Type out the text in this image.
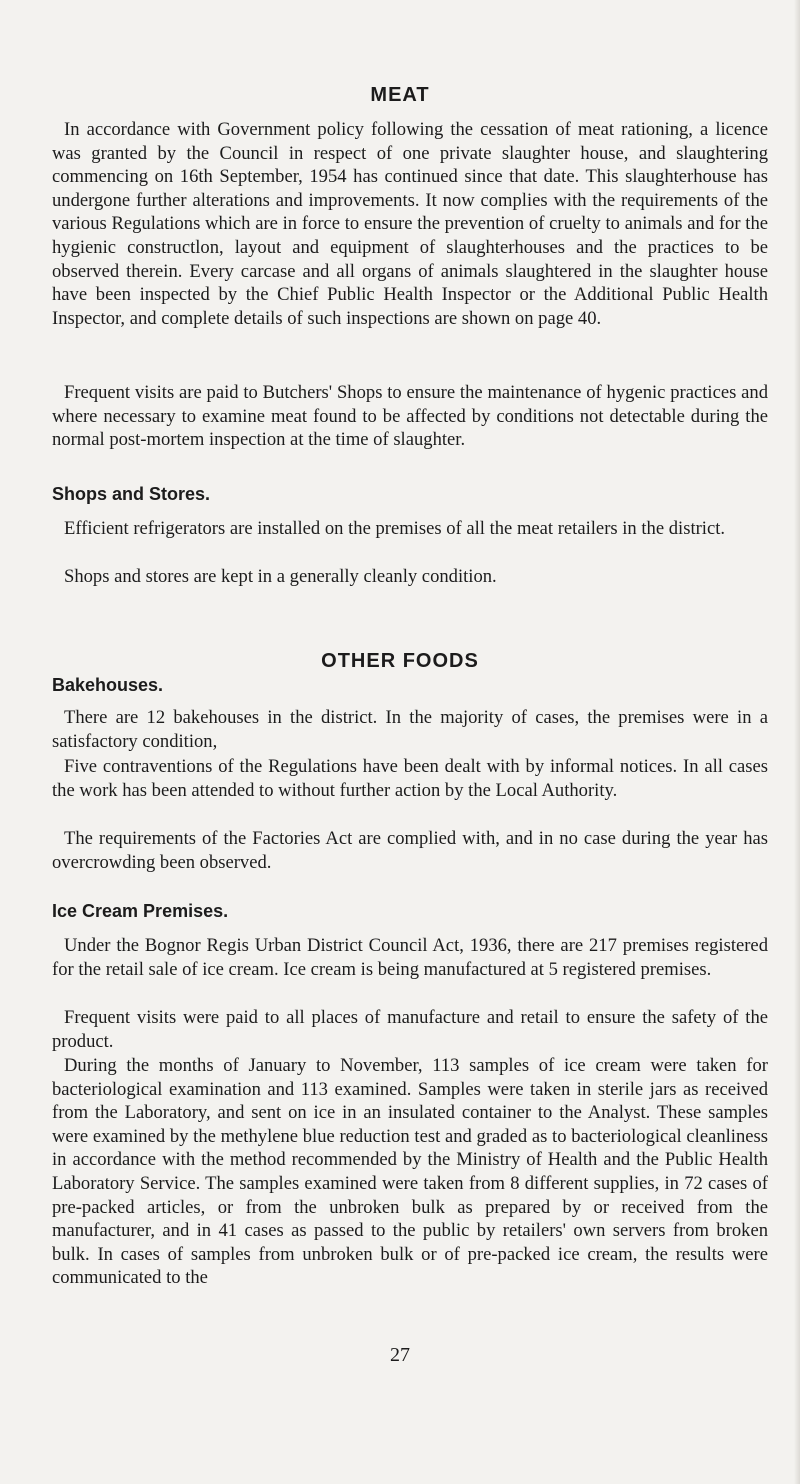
MEAT

In accordance with Government policy following the cessation of meat rationing, a licence was granted by the Council in respect of one private slaughter house, and slaughtering commencing on 16th September, 1954 has continued since that date. This slaughterhouse has undergone further alterations and improvements. It now complies with the requirements of the various Regulations which are in force to ensure the prevention of cruelty to animals and for the hygienic constructlon, layout and equipment of slaughterhouses and the practices to be observed therein. Every carcase and all organs of animals slaughtered in the slaughter house have been inspected by the Chief Public Health Inspector or the Additional Public Health Inspector, and complete details of such inspections are shown on page 40.

Frequent visits are paid to Butchers' Shops to ensure the maintenance of hygenic practices and where necessary to examine meat found to be affected by conditions not detectable during the normal post-mortem inspection at the time of slaughter.

Shops and Stores.

Efficient refrigerators are installed on the premises of all the meat retailers in the district.

Shops and stores are kept in a generally cleanly condition.

OTHER FOODS
Bakehouses.

There are 12 bakehouses in the district. In the majority of cases, the premises were in a satisfactory condition,

Five contraventions of the Regulations have been dealt with by informal notices. In all cases the work has been attended to without further action by the Local Authority.

The requirements of the Factories Act are complied with, and in no case during the year has overcrowding been observed.

Ice Cream Premises.

Under the Bognor Regis Urban District Council Act, 1936, there are 217 premises registered for the retail sale of ice cream. Ice cream is being manufactured at 5 registered premises.

Frequent visits were paid to all places of manufacture and retail to ensure the safety of the product.

During the months of January to November, 113 samples of ice cream were taken for bacteriological examination and 113 examined. Samples were taken in sterile jars as received from the Laboratory, and sent on ice in an insulated container to the Analyst. These samples were examined by the methylene blue reduction test and graded as to bacteriological cleanliness in accordance with the method recommended by the Ministry of Health and the Public Health Laboratory Service. The samples examined were taken from 8 different supplies, in 72 cases of pre-packed articles, or from the unbroken bulk as prepared by or received from the manufacturer, and in 41 cases as passed to the public by retailers' own servers from broken bulk. In cases of samples from unbroken bulk or of pre-packed ice cream, the results were communicated to the

27
